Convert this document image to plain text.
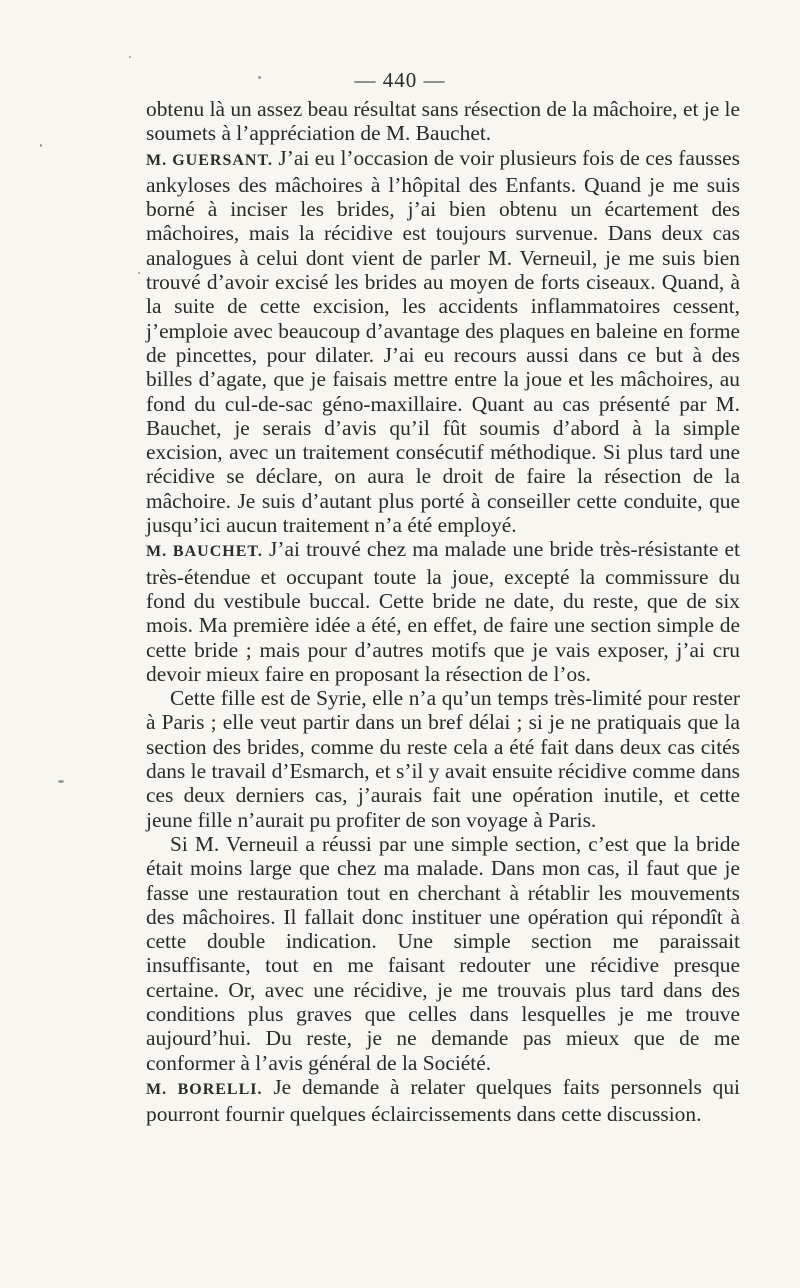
— 440 —

obtenu là un assez beau résultat sans résection de la mâchoire, et je le soumets à l’appréciation de M. Bauchet.

M. GUERSANT. J’ai eu l’occasion de voir plusieurs fois de ces fausses ankyloses des mâchoires à l’hôpital des Enfants. Quand je me suis borné à inciser les brides, j’ai bien obtenu un écartement des mâchoires, mais la récidive est toujours survenue. Dans deux cas analogues à celui dont vient de parler M. Verneuil, je me suis bien trouvé d’avoir excisé les brides au moyen de forts ciseaux. Quand, à la suite de cette excision, les accidents inflammatoires cessent, j’emploie avec beaucoup d’avantage des plaques en baleine en forme de pincettes, pour dilater. J’ai eu recours aussi dans ce but à des billes d’agate, que je faisais mettre entre la joue et les mâchoires, au fond du cul-de-sac géno-maxillaire. Quant au cas présenté par M. Bauchet, je serais d’avis qu’il fût soumis d’abord à la simple excision, avec un traitement consécutif méthodique. Si plus tard une récidive se déclare, on aura le droit de faire la résection de la mâchoire. Je suis d’autant plus porté à conseiller cette conduite, que jusqu’ici aucun traitement n’a été employé.

M. BAUCHET. J’ai trouvé chez ma malade une bride très-résistante et très-étendue et occupant toute la joue, excepté la commissure du fond du vestibule buccal. Cette bride ne date, du reste, que de six mois. Ma première idée a été, en effet, de faire une section simple de cette bride ; mais pour d’autres motifs que je vais exposer, j’ai cru devoir mieux faire en proposant la résection de l’os.

Cette fille est de Syrie, elle n’a qu’un temps très-limité pour rester à Paris ; elle veut partir dans un bref délai ; si je ne pratiquais que la section des brides, comme du reste cela a été fait dans deux cas cités dans le travail d’Esmarch, et s’il y avait ensuite récidive comme dans ces deux derniers cas, j’aurais fait une opération inutile, et cette jeune fille n’aurait pu profiter de son voyage à Paris.

Si M. Verneuil a réussi par une simple section, c’est que la bride était moins large que chez ma malade. Dans mon cas, il faut que je fasse une restauration tout en cherchant à rétablir les mouvements des mâchoires. Il fallait donc instituer une opération qui répondît à cette double indication. Une simple section me paraissait insuffisante, tout en me faisant redouter une récidive presque certaine. Or, avec une récidive, je me trouvais plus tard dans des conditions plus graves que celles dans lesquelles je me trouve aujourd’hui. Du reste, je ne demande pas mieux que de me conformer à l’avis général de la Société.

M. BORELLI. Je demande à relater quelques faits personnels qui pourront fournir quelques éclaircissements dans cette discussion.
